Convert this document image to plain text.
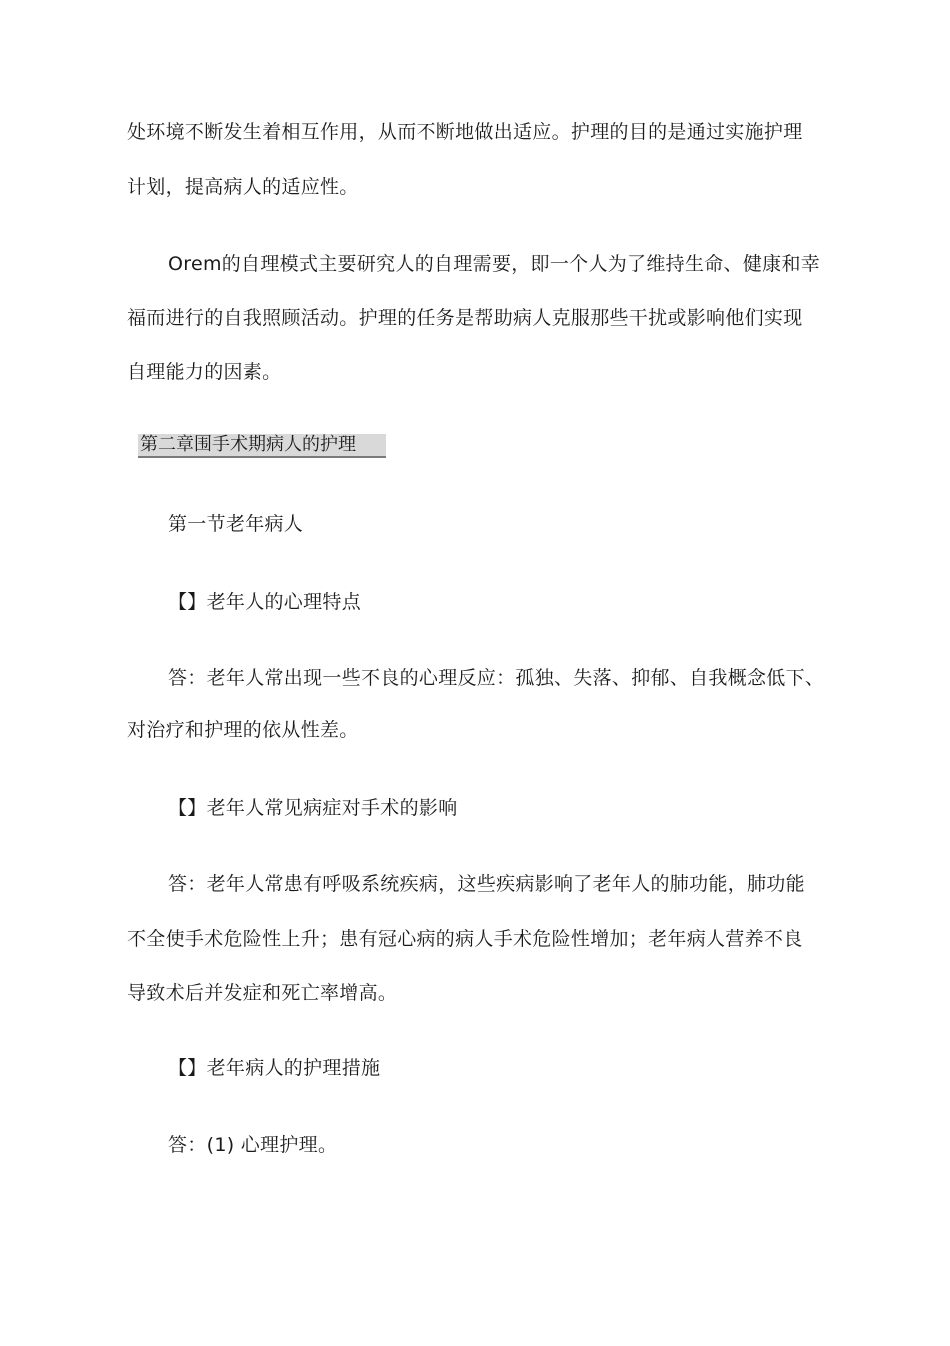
处环境不断发生着相互作用，从而不断地做出适应。护理的目的是通过实施护理
计划，提高病人的适应性。
Orem的自理模式主要研究人的自理需要，即一个人为了维持生命、健康和幸
福而进行的自我照顾活动。护理的任务是帮助病人克服那些干扰或影响他们实现
自理能力的因素。
第二章围手术期病人的护理
第一节老年病人
【】老年人的心理特点
答：老年人常出现一些不良的心理反应：孤独、失落、抑郁、自我概念低下、
对治疗和护理的依从性差。
【】老年人常见病症对手术的影响
答：老年人常患有呼吸系统疾病，这些疾病影响了老年人的肺功能，肺功能
不全使手术危险性上升；患有冠心病的病人手术危险性增加；老年病人营养不良
导致术后并发症和死亡率增高。
【】老年病人的护理措施
答：(1) 心理护理。
